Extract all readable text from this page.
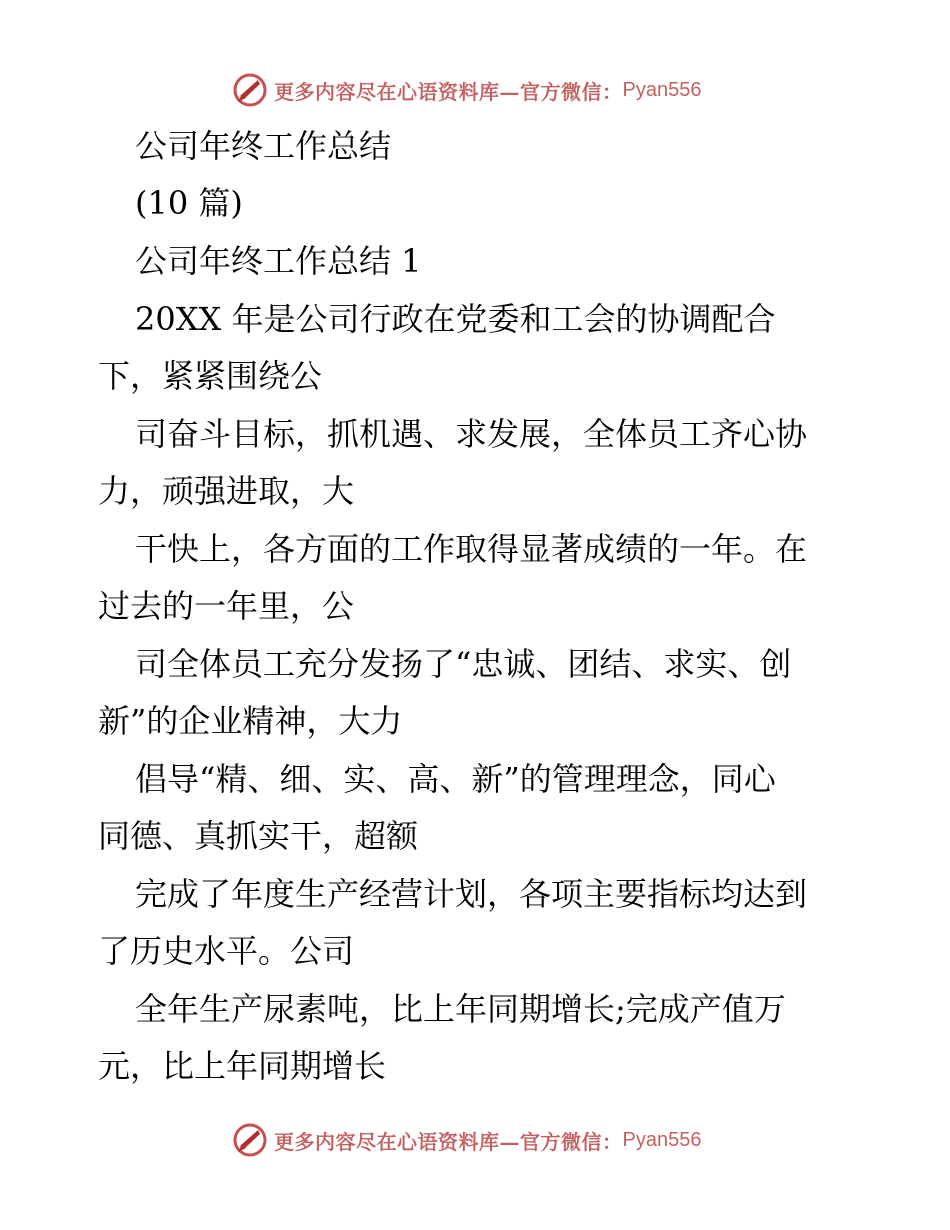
更多内容尽在心语资料库—官方微信： Pyan556
公司年终工作总结
(10 篇)
公司年终工作总结 1
20XX 年是公司行政在党委和工会的协调配合
下，紧紧围绕公
司奋斗目标，抓机遇、求发展，全体员工齐心协
力，顽强进取，大
干快上，各方面的工作取得显著成绩的一年。在
过去的一年里，公
司全体员工充分发扬了“忠诚、团结、求实、创
新”的企业精神，大力
倡导“精、细、实、高、新”的管理理念，同心
同德、真抓实干，超额
完成了年度生产经营计划，各项主要指标均达到
了历史水平。公司
全年生产尿素吨，比上年同期增长;完成产值万
元，比上年同期增长
更多内容尽在心语资料库—官方微信： Pyan556
